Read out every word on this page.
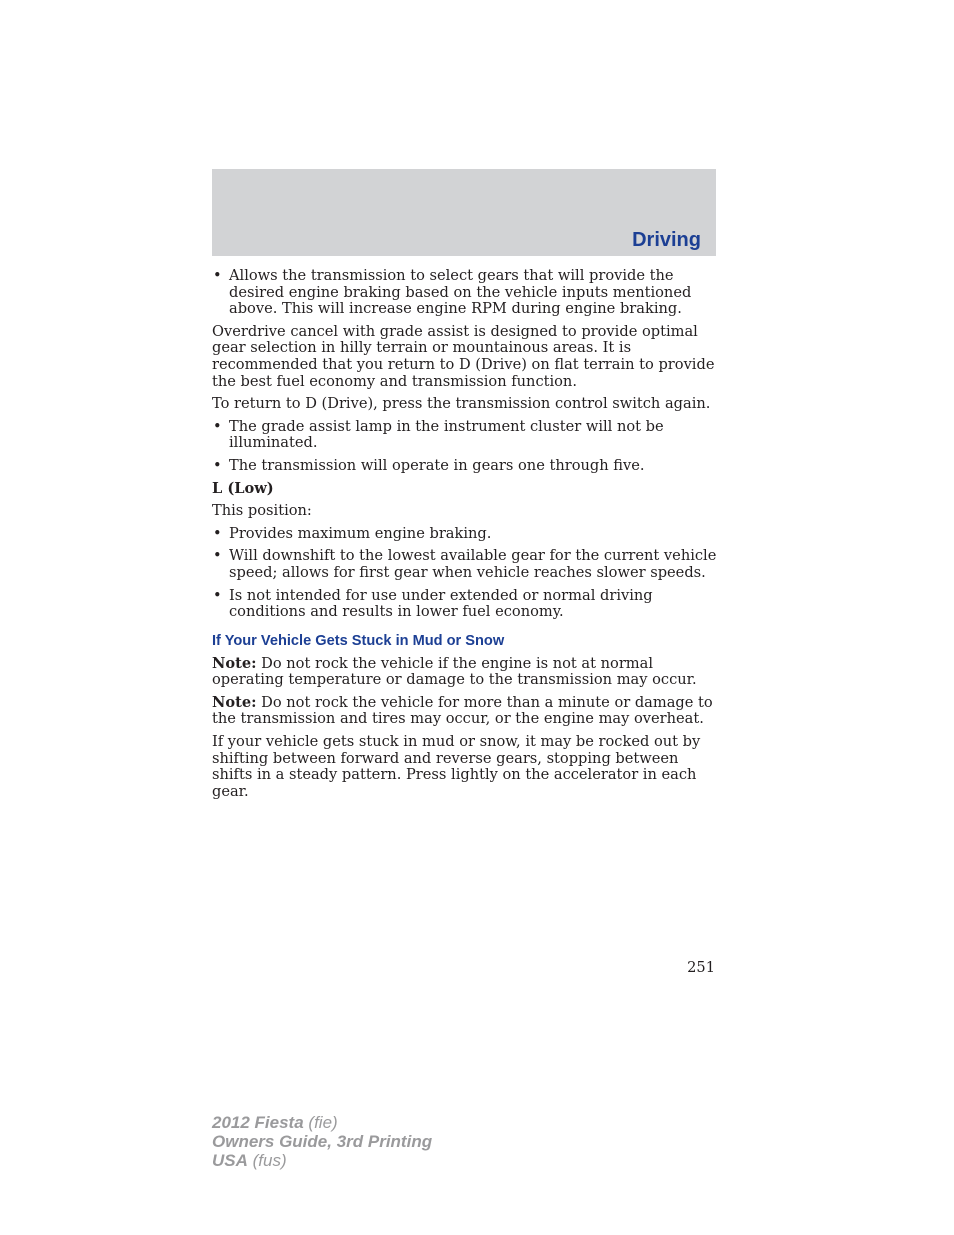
Driving
• Allows the transmission to select gears that will provide the desired engine braking based on the vehicle inputs mentioned above. This will increase engine RPM during engine braking.

Overdrive cancel with grade assist is designed to provide optimal gear selection in hilly terrain or mountainous areas. It is recommended that you return to D (Drive) on flat terrain to provide the best fuel economy and transmission function.

To return to D (Drive), press the transmission control switch again.

• The grade assist lamp in the instrument cluster will not be illuminated.
• The transmission will operate in gears one through five.

L (Low)

This position:

• Provides maximum engine braking.
• Will downshift to the lowest available gear for the current vehicle speed; allows for first gear when vehicle reaches slower speeds.
• Is not intended for use under extended or normal driving conditions and results in lower fuel economy.
If Your Vehicle Gets Stuck in Mud or Snow

Note: Do not rock the vehicle if the engine is not at normal operating temperature or damage to the transmission may occur.

Note: Do not rock the vehicle for more than a minute or damage to the transmission and tires may occur, or the engine may overheat.

If your vehicle gets stuck in mud or snow, it may be rocked out by shifting between forward and reverse gears, stopping between shifts in a steady pattern. Press lightly on the accelerator in each gear.

251
2012 Fiesta (fie)
Owners Guide, 3rd Printing
USA (fus)
